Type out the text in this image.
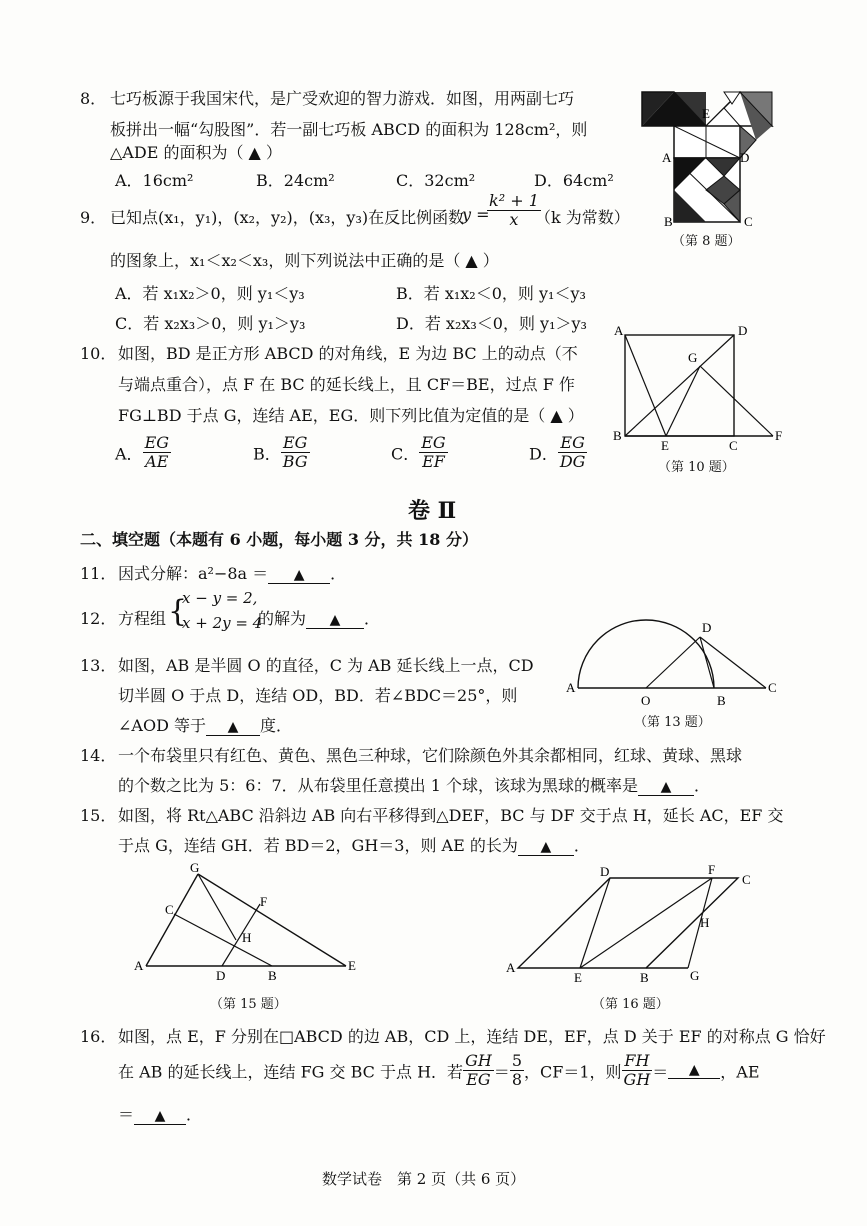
8． 七巧板源于我国宋代，是广受欢迎的智力游戏．如图，用两副七巧
板拼出一幅“勾股图”．若一副七巧板 ABCD 的面积为 128cm²，则
△ADE 的面积为（ ▲ ）
A．16cm²	B．24cm²	C．32cm²	D．64cm²
E
A	D
B	C
（第 8 题）
9． 已知点(x₁，y₁)，(x₂，y₂)，(x₃，y₃)在反比例函数
y =
$\frac{\text{k² + 1}}{x}$
（k 为常数）
的图象上，x₁＜x₂＜x₃，则下列说法中正确的是（ ▲ ）
A．若 x₁x₂＞0，则 y₁＜y₃	B．若 x₁x₂＜0，则 y₁＜y₃
C．若 x₂x₃＞0，则 y₁＞y₃	D．若 x₂x₃＜0，则 y₁＞y₃
10． 如图，BD 是正方形 ABCD 的对角线，E 为边 BC 上的动点（不
与端点重合），点 F 在 BC 的延长线上，且 CF＝BE，过点 F 作
FG⊥BD 于点 G，连结 AE，EG．则下列比值为定值的是（ ▲ ）
A． $\frac{EG}{AE}$	B． $\frac{EG}{BG}$	C． $\frac{EG}{EF}$	D． $\frac{EG}{DG}$
A	D
G
B
E	C
F
（第 10 题）
卷 Ⅱ
二、填空题（本题有 6 小题，每小题 3 分，共 18 分）
11． 因式分解：a²−8a ＝ ▲ ．
12． 方程组 {
x − y = 2,
x + 2y = 4
的解为 ▲ ．
13． 如图，AB 是半圆 O 的直径，C 为 AB 延长线上一点，CD
切半圆 O 于点 D，连结 OD，BD．若∠BDC＝25°，则
∠AOD 等于 ▲ 度．
D
A
O	B
C
（第 13 题）
14． 一个布袋里只有红色、黄色、黑色三种球，它们除颜色外其余都相同，红球、黄球、黑球
的个数之比为 5：6：7．从布袋里任意摸出 1 个球，该球为黑球的概率是 ▲ ．
15． 如图，将 Rt△ABC 沿斜边 AB 向右平移得到△DEF，BC 与 DF 交于点 H，延长 AC，EF 交
于点 G，连结 GH．若 BD＝2，GH＝3，则 AE 的长为 ▲ ．
G
C
F
H
A
D	B
E
（第 15 题）
D	F
C
H
A
E	B	G
（第 16 题）
16． 如图，点 E，F 分别在□ABCD 的边 AB，CD 上，连结 DE，EF，点 D 关于 EF 的对称点 G 恰好
在 AB 的延长线上，连结 FG 交 BC 于点 H．若 $\frac{GH}{EG} = \frac{5}{8}$ ，CF＝1，则 $\frac{FH}{GH}$ ＝ ▲ ，AE
＝ ▲ ．
数学试卷　第 2 页（共 6 页）
